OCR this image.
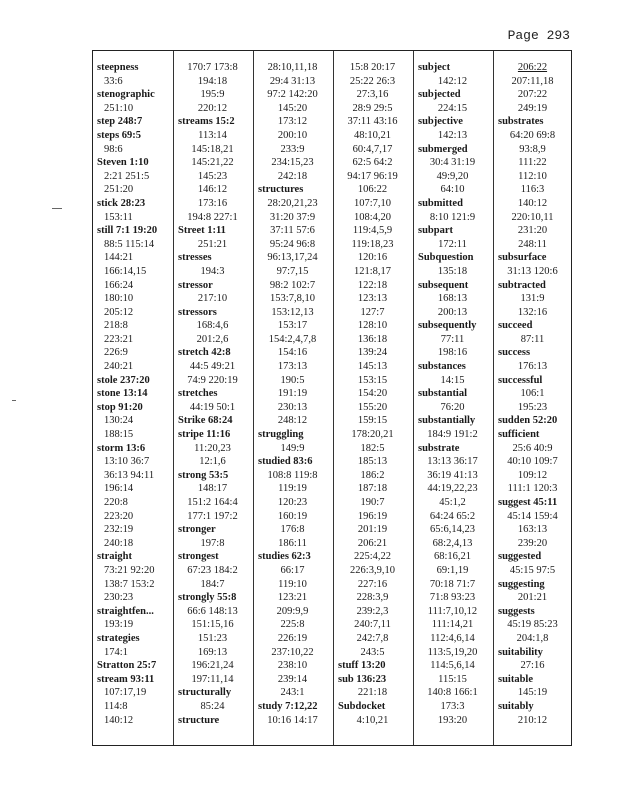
Page 293
steepness
33:6
stenographic
251:10
step 248:7
steps 69:5
98:6
Steven 1:10
2:21 251:5
251:20
stick 28:23
153:11
still 7:1 19:20
88:5 115:14
144:21
166:14,15
166:24
180:10
205:12
218:8
223:21
226:9
240:21
stole 237:20
stone 13:14
stop 91:20
130:24
188:15
storm 13:6
13:10 36:7
36:13 94:11
196:14
220:8
223:20
232:19
240:18
straight
73:21 92:20
138:7 153:2
230:23
straightfen...
193:19
strategies
174:1
Stratton 25:7
stream 93:11
107:17,19
114:8
140:12
170:7 173:8
194:18
195:9
220:12
streams 15:2
113:14
145:18,21
145:21,22
145:23
146:12
173:16
194:8 227:1
Street 1:11
251:21
stresses
194:3
stressor
217:10
stressors
168:4,6
201:2,6
stretch 42:8
44:5 49:21
74:9 220:19
stretches
44:19 50:1
Strike 68:24
stripe 11:16
11:20,23
12:1,6
strong 53:5
148:17
151:2 164:4
177:1 197:2
stronger
197:8
strongest
67:23 184:2
184:7
strongly 55:8
66:6 148:13
151:15,16
151:23
169:13
196:21,24
197:11,14
structurally
85:24
structure
28:10,11,18
29:4 31:13
97:2 142:20
145:20
173:12
200:10
233:9
234:15,23
242:18
structures
28:20,21,23
31:20 37:9
37:11 57:6
95:24 96:8
96:13,17,24
97:7,15
98:2 102:7
153:7,8,10
153:12,13
153:17
154:2,4,7,8
154:16
173:13
190:5
191:19
230:13
248:12
struggling
149:9
studied 83:6
108:8 119:8
119:19
120:23
160:19
176:8
186:11
studies 62:3
66:17
119:10
123:21
209:9,9
225:8
226:19
237:10,22
238:10
239:14
243:1
study 7:12,22
10:16 14:17
15:8 20:17
25:22 26:3
27:3,16
28:9 29:5
37:11 43:16
48:10,21
60:4,7,17
62:5 64:2
94:17 96:19
106:22
107:7,10
108:4,20
119:4,5,9
119:18,23
120:16
121:8,17
122:18
123:13
127:7
128:10
136:18
139:24
145:13
153:15
154:20
155:20
159:15
178:20,21
182:5
185:13
186:2
187:18
190:7
196:19
201:19
206:21
225:4,22
226:3,9,10
227:16
228:3,9
239:2,3
240:7,11
242:7,8
243:5
stuff 13:20
sub 136:23
221:18
Subdocket
4:10,21
subject
142:12
subjected
224:15
subjective
142:13
submerged
30:4 31:19
49:9,20
64:10
submitted
8:10 121:9
subpart
172:11
Subquestion
135:18
subsequent
168:13
200:13
subsequently
77:11
198:16
substances
14:15
substantial
76:20
substantially
184:9 191:2
substrate
13:13 36:17
36:19 41:13
44:19,22,23
45:1,2
64:24 65:2
65:6,14,23
68:2,4,13
68:16,21
69:1,19
70:18 71:7
71:8 93:23
111:7,10,12
111:14,21
112:4,6,14
113:5,19,20
114:5,6,14
115:15
140:8 166:1
173:3
193:20
206:22
207:11,18
207:22
249:19
substrates
64:20 69:8
93:8,9
111:22
112:10
116:3
140:12
220:10,11
231:20
248:11
subsurface
31:13 120:6
subtracted
131:9
132:16
succeed
87:11
success
176:13
successful
106:1
195:23
sudden 52:20
sufficient
25:6 40:9
40:10 109:7
109:12
111:1 120:3
suggest 45:11
45:14 159:4
163:13
239:20
suggested
45:15 97:5
suggesting
201:21
suggests
45:19 85:23
204:1,8
suitability
27:16
suitable
145:19
suitably
210:12
